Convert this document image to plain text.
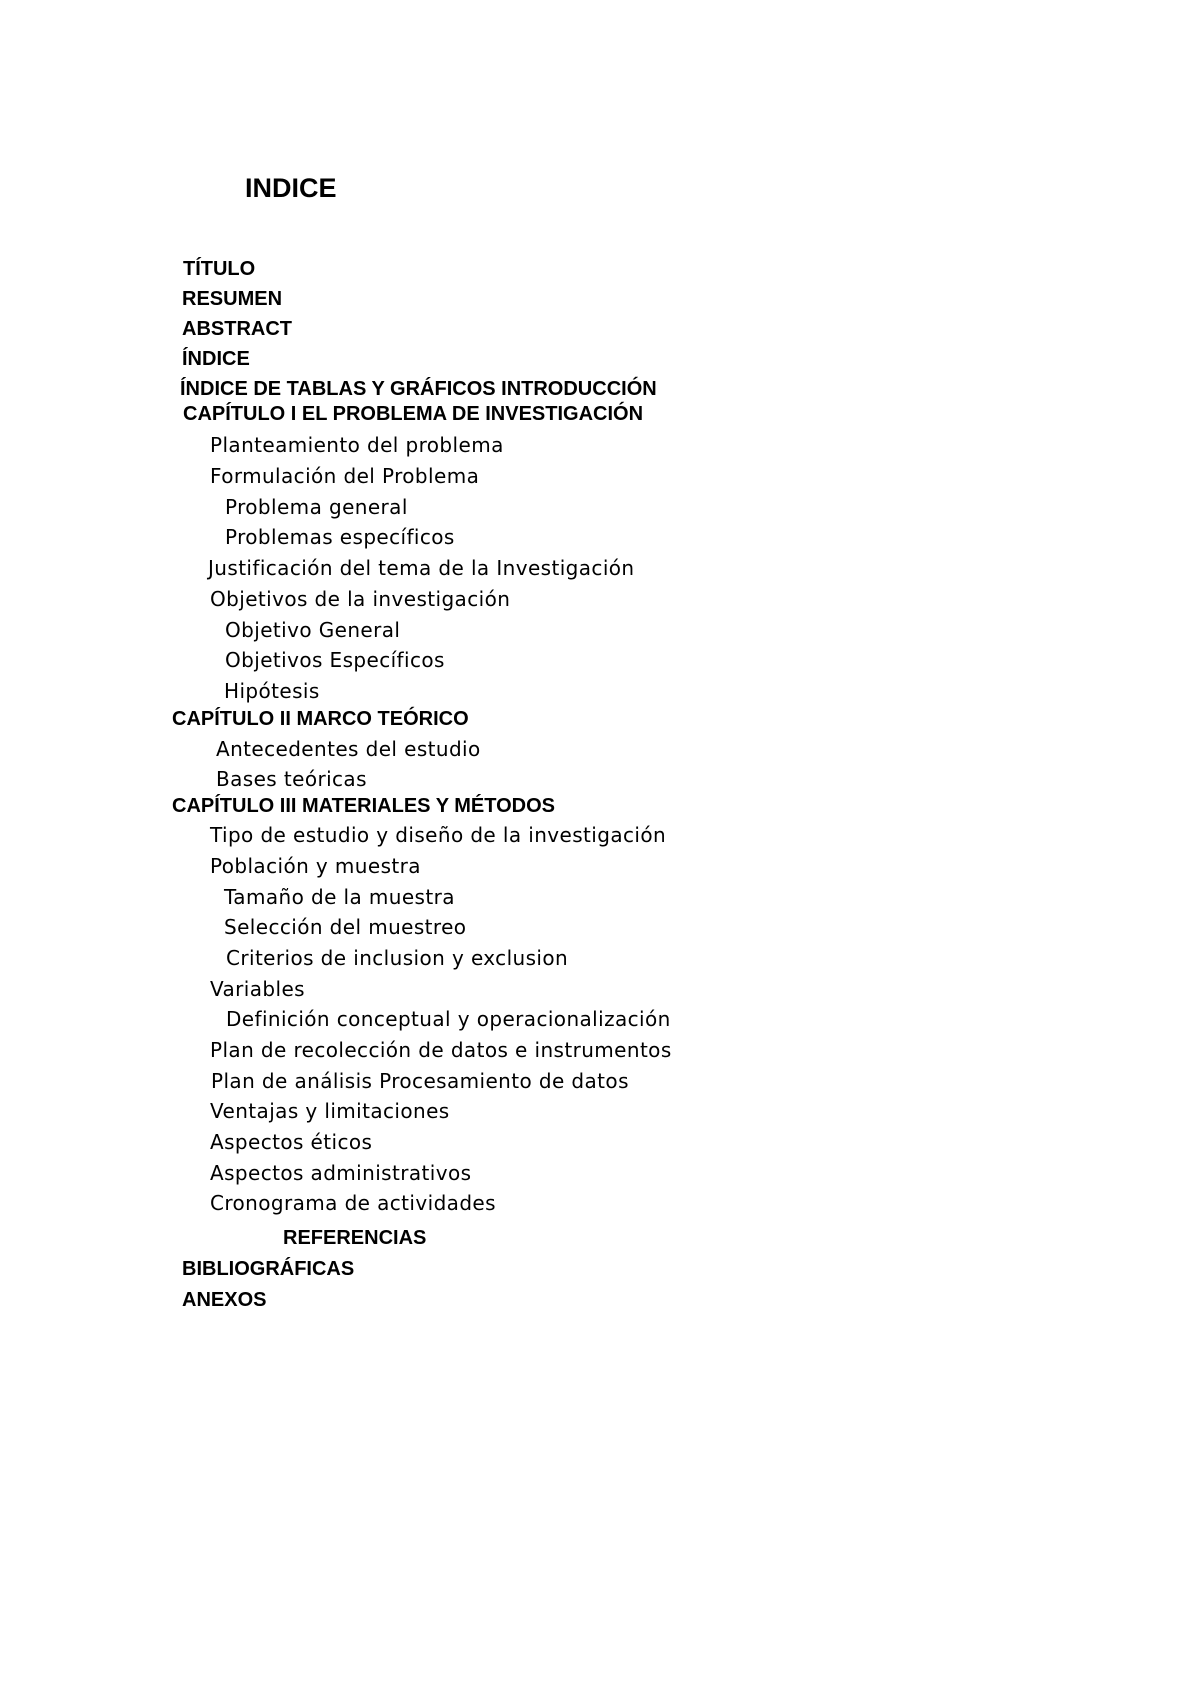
INDICE
TÍTULO
RESUMEN
ABSTRACT
ÍNDICE
ÍNDICE DE TABLAS Y GRÁFICOS INTRODUCCIÓN
CAPÍTULO I EL PROBLEMA DE INVESTIGACIÓN
Planteamiento del problema
Formulación del Problema
Problema general
Problemas específicos
Justificación del tema de la Investigación
Objetivos de la investigación
Objetivo General
Objetivos Específicos
Hipótesis
CAPÍTULO II MARCO TEÓRICO
Antecedentes del estudio
Bases teóricas
CAPÍTULO III MATERIALES Y MÉTODOS
Tipo de estudio y diseño de la investigación
Población y muestra
Tamaño de la muestra
Selección del muestreo
Criterios de inclusion y exclusion
Variables
Definición conceptual y operacionalización
Plan de recolección de datos e instrumentos
Plan de análisis Procesamiento de datos
Ventajas y limitaciones
Aspectos éticos
Aspectos administrativos
Cronograma de actividades
REFERENCIAS
BIBLIOGRÁFICAS
ANEXOS
